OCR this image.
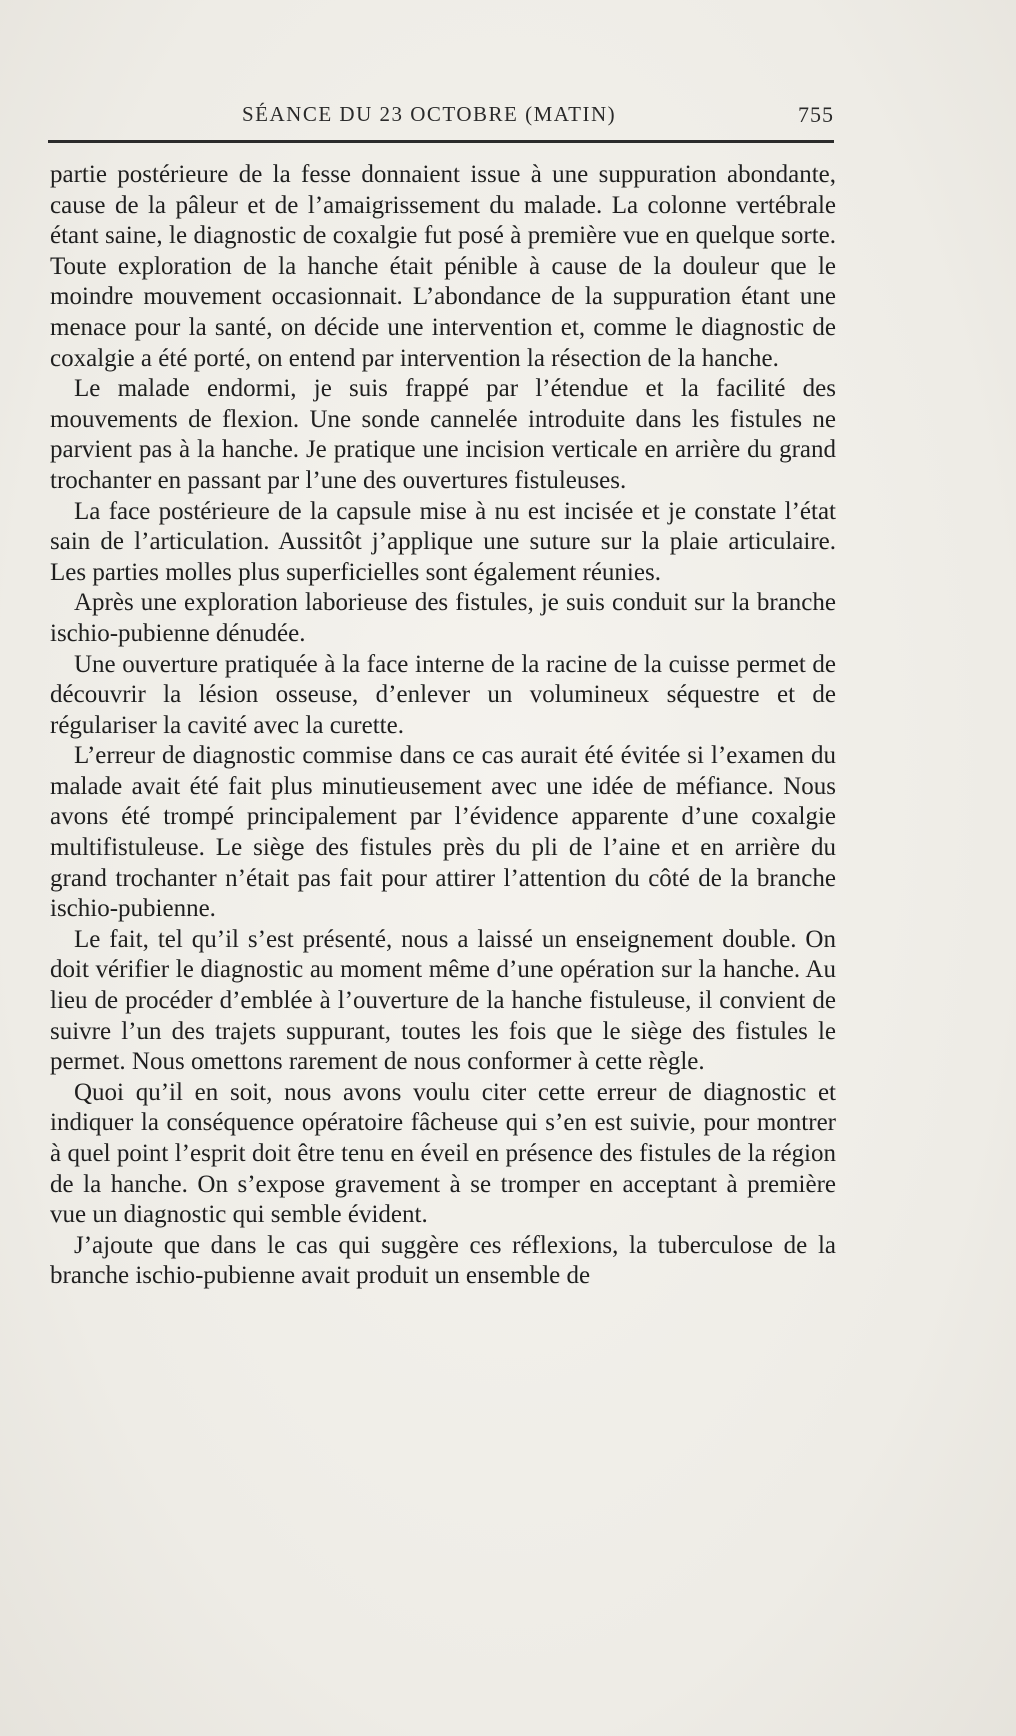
SÉANCE DU 23 OCTOBRE (MATIN)	755

partie postérieure de la fesse donnaient issue à une suppuration abondante, cause de la pâleur et de l’amaigrissement du malade. La colonne vertébrale étant saine, le diagnostic de coxalgie fut posé à première vue en quelque sorte. Toute exploration de la hanche était pénible à cause de la douleur que le moindre mouvement occasionnait. L’abondance de la suppuration étant une menace pour la santé, on décide une intervention et, comme le diagnostic de coxalgie a été porté, on entend par intervention la résection de la hanche.

Le malade endormi, je suis frappé par l’étendue et la facilité des mouvements de flexion. Une sonde cannelée introduite dans les fistules ne parvient pas à la hanche. Je pratique une incision verticale en arrière du grand trochanter en passant par l’une des ouvertures fistuleuses.

La face postérieure de la capsule mise à nu est incisée et je constate l’état sain de l’articulation. Aussitôt j’applique une suture sur la plaie articulaire. Les parties molles plus superficielles sont également réunies.

Après une exploration laborieuse des fistules, je suis conduit sur la branche ischio-pubienne dénudée.

Une ouverture pratiquée à la face interne de la racine de la cuisse permet de découvrir la lésion osseuse, d’enlever un volumineux séquestre et de régulariser la cavité avec la curette.

L’erreur de diagnostic commise dans ce cas aurait été évitée si l’examen du malade avait été fait plus minutieusement avec une idée de méfiance. Nous avons été trompé principalement par l’évidence apparente d’une coxalgie multifistuleuse. Le siège des fistules près du pli de l’aine et en arrière du grand trochanter n’était pas fait pour attirer l’attention du côté de la branche ischio-pubienne.

Le fait, tel qu’il s’est présenté, nous a laissé un enseignement double. On doit vérifier le diagnostic au moment même d’une opération sur la hanche. Au lieu de procéder d’emblée à l’ouverture de la hanche fistuleuse, il convient de suivre l’un des trajets suppurant, toutes les fois que le siège des fistules le permet. Nous omettons rarement de nous conformer à cette règle.

Quoi qu’il en soit, nous avons voulu citer cette erreur de diagnostic et indiquer la conséquence opératoire fâcheuse qui s’en est suivie, pour montrer à quel point l’esprit doit être tenu en éveil en présence des fistules de la région de la hanche. On s’expose gravement à se tromper en acceptant à première vue un diagnostic qui semble évident.

J’ajoute que dans le cas qui suggère ces réflexions, la tuberculose de la branche ischio-pubienne avait produit un ensemble de
